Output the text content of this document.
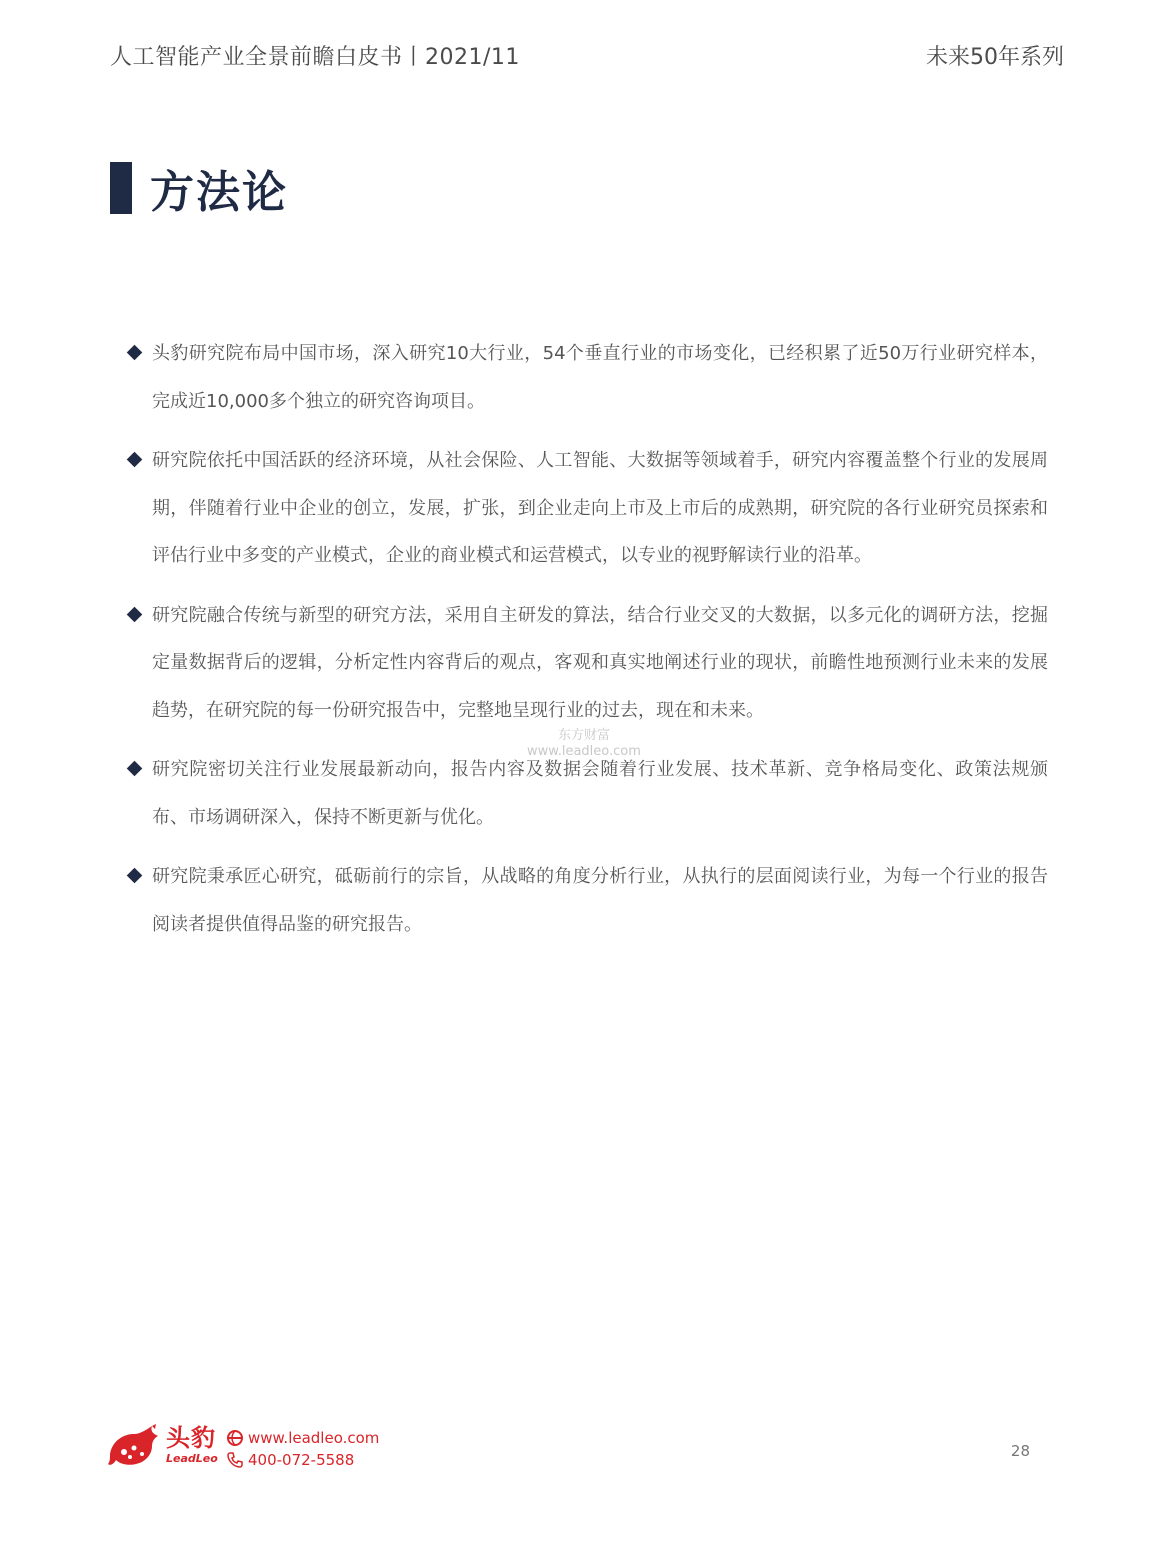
人工智能产业全景前瞻白皮书丨2021/11	未来50年系列
方法论
头豹研究院布局中国市场，深入研究10大行业，54个垂直行业的市场变化，已经积累了近50万行业研究样本，完成近10,000多个独立的研究咨询项目。
研究院依托中国活跃的经济环境，从社会保险、人工智能、大数据等领域着手，研究内容覆盖整个行业的发展周期，伴随着行业中企业的创立，发展，扩张，到企业走向上市及上市后的成熟期，研究院的各行业研究员探索和评估行业中多变的产业模式，企业的商业模式和运营模式，以专业的视野解读行业的沿革。
研究院融合传统与新型的研究方法，采用自主研发的算法，结合行业交叉的大数据，以多元化的调研方法，挖掘定量数据背后的逻辑，分析定性内容背后的观点，客观和真实地阐述行业的现状，前瞻性地预测行业未来的发展趋势，在研究院的每一份研究报告中，完整地呈现行业的过去，现在和未来。
研究院密切关注行业发展最新动向，报告内容及数据会随着行业发展、技术革新、竞争格局变化、政策法规颁布、市场调研深入，保持不断更新与优化。
研究院秉承匠心研究，砥砺前行的宗旨，从战略的角度分析行业，从执行的层面阅读行业，为每一个行业的报告阅读者提供值得品鉴的研究报告。
东方财富
www.leadleo.com
头豹
LeadLeo
www.leadleo.com
400-072-5588	28
